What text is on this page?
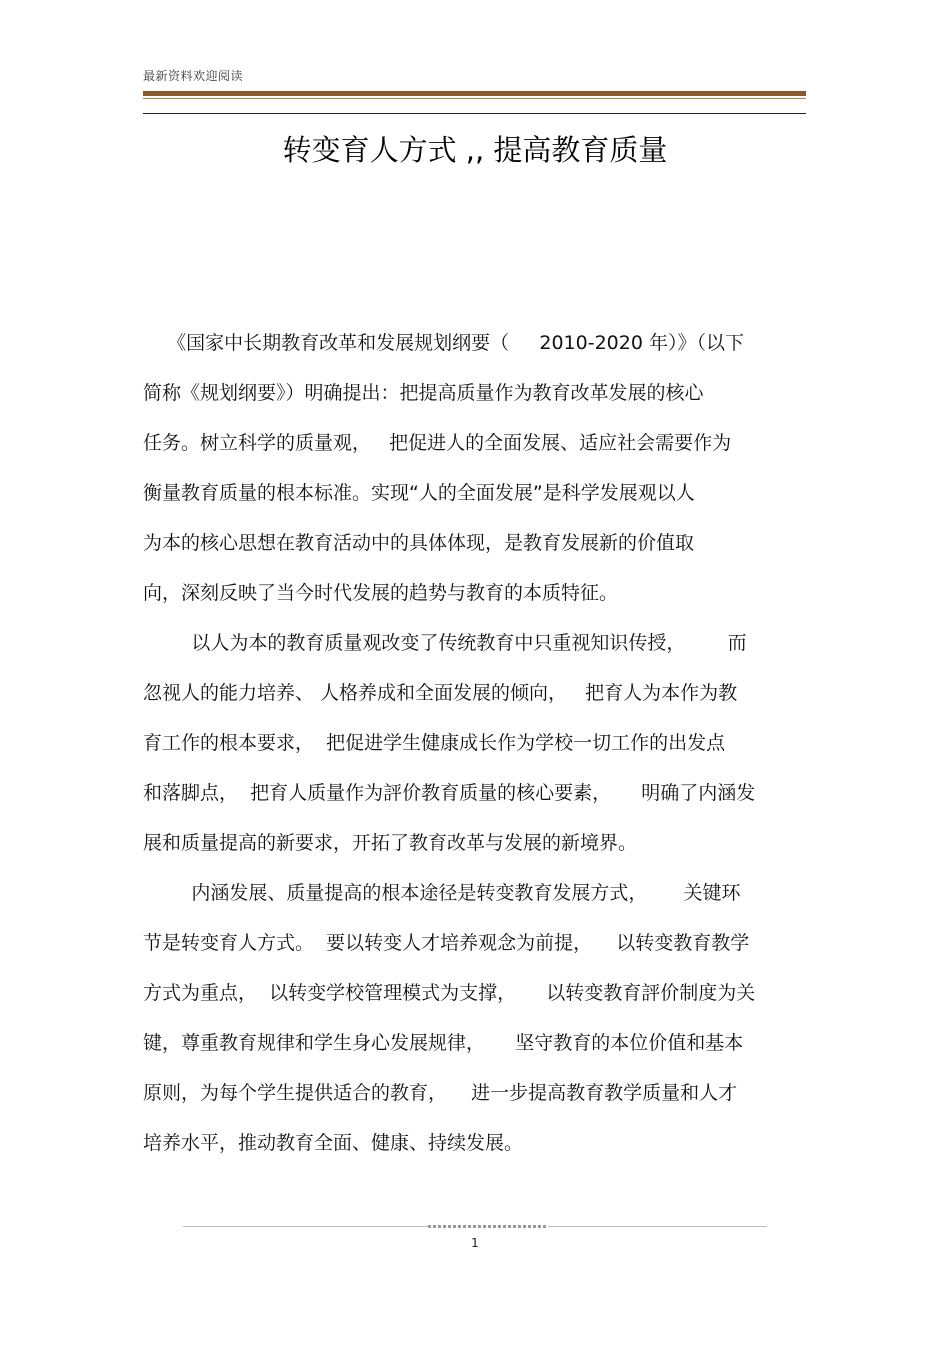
最新资料欢迎阅读
转变育人方式 ,, 提高教育质量
《国家中长期教育改革和发展规划纲要（     2010-2020 年）》（以下
简称《规划纲要》）明确提出：把提高质量作为教育改革发展的核心
任务。树立科学的质量观，   把促进人的全面发展、适应社会需要作为
衡量教育质量的根本标准。实现“人的全面发展”是科学发展观以人
为本的核心思想在教育活动中的具体体现，是教育发展新的价值取
向，深刻反映了当今时代发展的趋势与教育的本质特征。
以人为本的教育质量观改变了传统教育中只重视知识传授，       而
忽视人的能力培养、 人格养成和全面发展的倾向，   把育人为本作为教
育工作的根本要求，  把促进学生健康成长作为学校一切工作的出发点
和落脚点，  把育人质量作为評价教育质量的核心要素，     明确了内涵发
展和质量提高的新要求，开拓了教育改革与发展的新境界。
内涵发展、质量提高的根本途径是转变教育发展方式，      关键环
节是转变育人方式。  要以转变人才培养观念为前提，    以转变教育教学
方式为重点，  以转变学校管理模式为支撑，     以转变教育評价制度为关
键，尊重教育规律和学生身心发展规律，     坚守教育的本位价值和基本
原则，为每个学生提供适合的教育，    进一步提高教育教学质量和人才
培养水平，推动教育全面、健康、持续发展。
1
